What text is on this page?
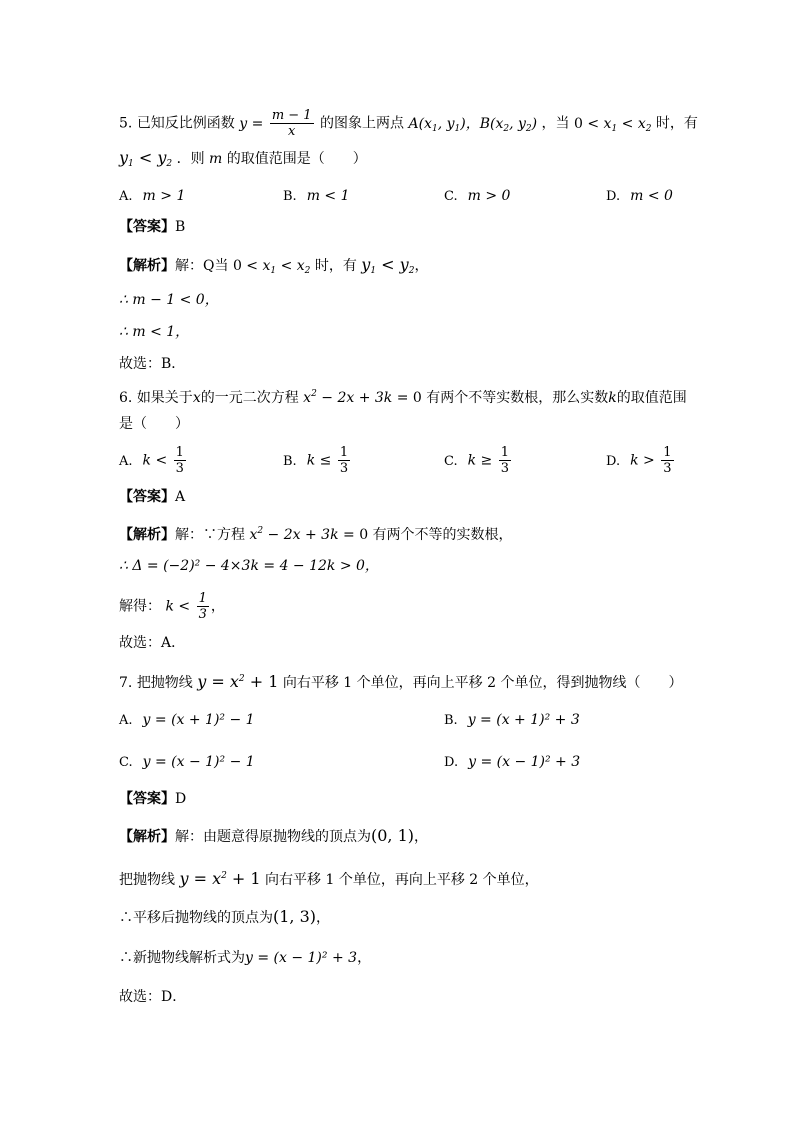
5. 已知反比例函数 $y = \frac{m - 1}{x}$ 的图象上两点 $A(x_1$, $y_1$)，$B(x_2$, $y_2$) ，当 $0 < x_1 < x_2$ 时，有
$y_1 < y_2$ ．则 m 的取值范围是（　　）
A. m > 1	B. m < 1	C. m > 0	D. m < 0
【答案】B
【解析】解：Q当 $0 < x_1 < x_2$ 时，有 $y_1 < y_2$，
∴ m − 1 < 0，
∴ m < 1，
故选：B．
6. 如果关于x的一元二次方程 $x^2 - 2x + 3k = 0$ 有两个不等实数根，那么实数k的取值范围
是（　　）
A. $k < \frac{1}{3}$	B. $k \le \frac{1}{3}$	C. $k \ge \frac{1}{3}$	D. $k > \frac{1}{3}$
【答案】A
【解析】解：∵方程 $x^2 - 2x + 3k = 0$ 有两个不等的实数根，
∴ Δ = (−2)² − 4×3k = 4 − 12k > 0，
解得： $k < \frac{1}{3}$ ，
故选：A．
7. 把抛物线 $y = x^2 + 1$ 向右平移 1 个单位，再向上平移 2 个单位，得到抛物线（　　）
A. y = (x + 1)² − 1	B. y = (x + 1)² + 3
C. y = (x − 1)² − 1	D. y = (x − 1)² + 3
【答案】D
【解析】解：由题意得原抛物线的顶点为(0, 1)，
把抛物线 $y = x^2 + 1$ 向右平移 1 个单位，再向上平移 2 个单位，
∴平移后抛物线的顶点为(1, 3)，
∴新抛物线解析式为y = (x − 1)² + 3，
故选：D．
